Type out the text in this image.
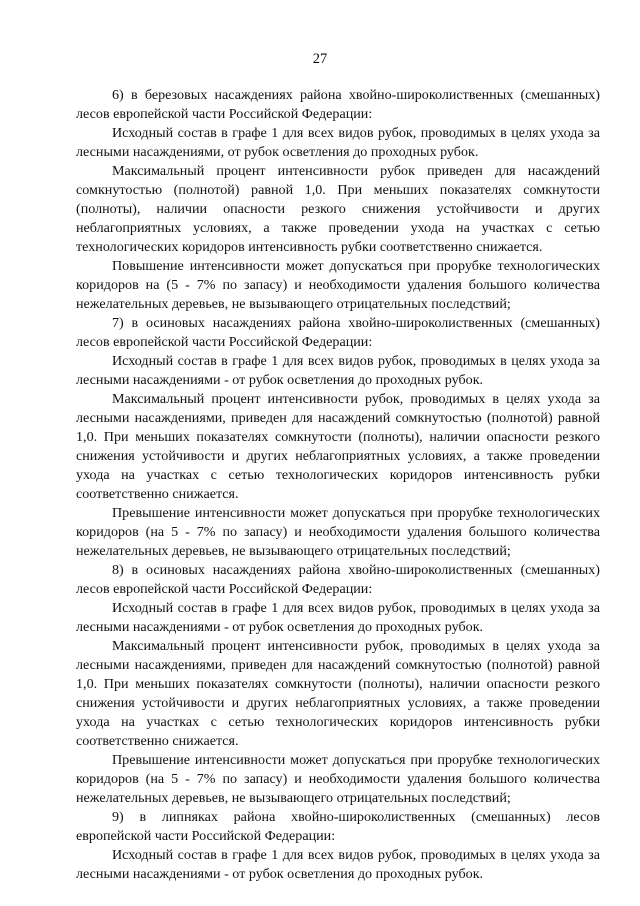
27

6) в березовых насаждениях района хвойно-широколиственных (смешанных) лесов европейской части Российской Федерации:

Исходный состав в графе 1 для всех видов рубок, проводимых в целях ухода за лесными насаждениями, от рубок осветления до проходных рубок.

Максимальный процент интенсивности рубок приведен для насаждений сомкнутостью (полнотой) равной 1,0. При меньших показателях сомкнутости (полноты), наличии опасности резкого снижения устойчивости и других неблагоприятных условиях, а также проведении ухода на участках с сетью технологических коридоров интенсивность рубки соответственно снижается.

Повышение интенсивности может допускаться при прорубке технологических коридоров на (5 - 7% по запасу) и необходимости удаления большого количества нежелательных деревьев, не вызывающего отрицательных последствий;

7) в осиновых насаждениях района хвойно-широколиственных (смешанных) лесов европейской части Российской Федерации:

Исходный состав в графе 1 для всех видов рубок, проводимых в целях ухода за лесными насаждениями - от рубок осветления до проходных рубок.

Максимальный процент интенсивности рубок, проводимых в целях ухода за лесными насаждениями, приведен для насаждений сомкнутостью (полнотой) равной 1,0. При меньших показателях сомкнутости (полноты), наличии опасности резкого снижения устойчивости и других неблагоприятных условиях, а также проведении ухода на участках с сетью технологических коридоров интенсивность рубки соответственно снижается.

Превышение интенсивности может допускаться при прорубке технологических коридоров (на 5 - 7% по запасу) и необходимости удаления большого количества нежелательных деревьев, не вызывающего отрицательных последствий;

8) в осиновых насаждениях района хвойно-широколиственных (смешанных) лесов европейской части Российской Федерации:

Исходный состав в графе 1 для всех видов рубок, проводимых в целях ухода за лесными насаждениями - от рубок осветления до проходных рубок.

Максимальный процент интенсивности рубок, проводимых в целях ухода за лесными насаждениями, приведен для насаждений сомкнутостью (полнотой) равной 1,0. При меньших показателях сомкнутости (полноты), наличии опасности резкого снижения устойчивости и других неблагоприятных условиях, а также проведении ухода на участках с сетью технологических коридоров интенсивность рубки соответственно снижается.

Превышение интенсивности может допускаться при прорубке технологических коридоров (на 5 - 7% по запасу) и необходимости удаления большого количества нежелательных деревьев, не вызывающего отрицательных последствий;

9) в липняках района хвойно-широколиственных (смешанных) лесов европейской части Российской Федерации:

Исходный состав в графе 1 для всех видов рубок, проводимых в целях ухода за лесными насаждениями - от рубок осветления до проходных рубок.
